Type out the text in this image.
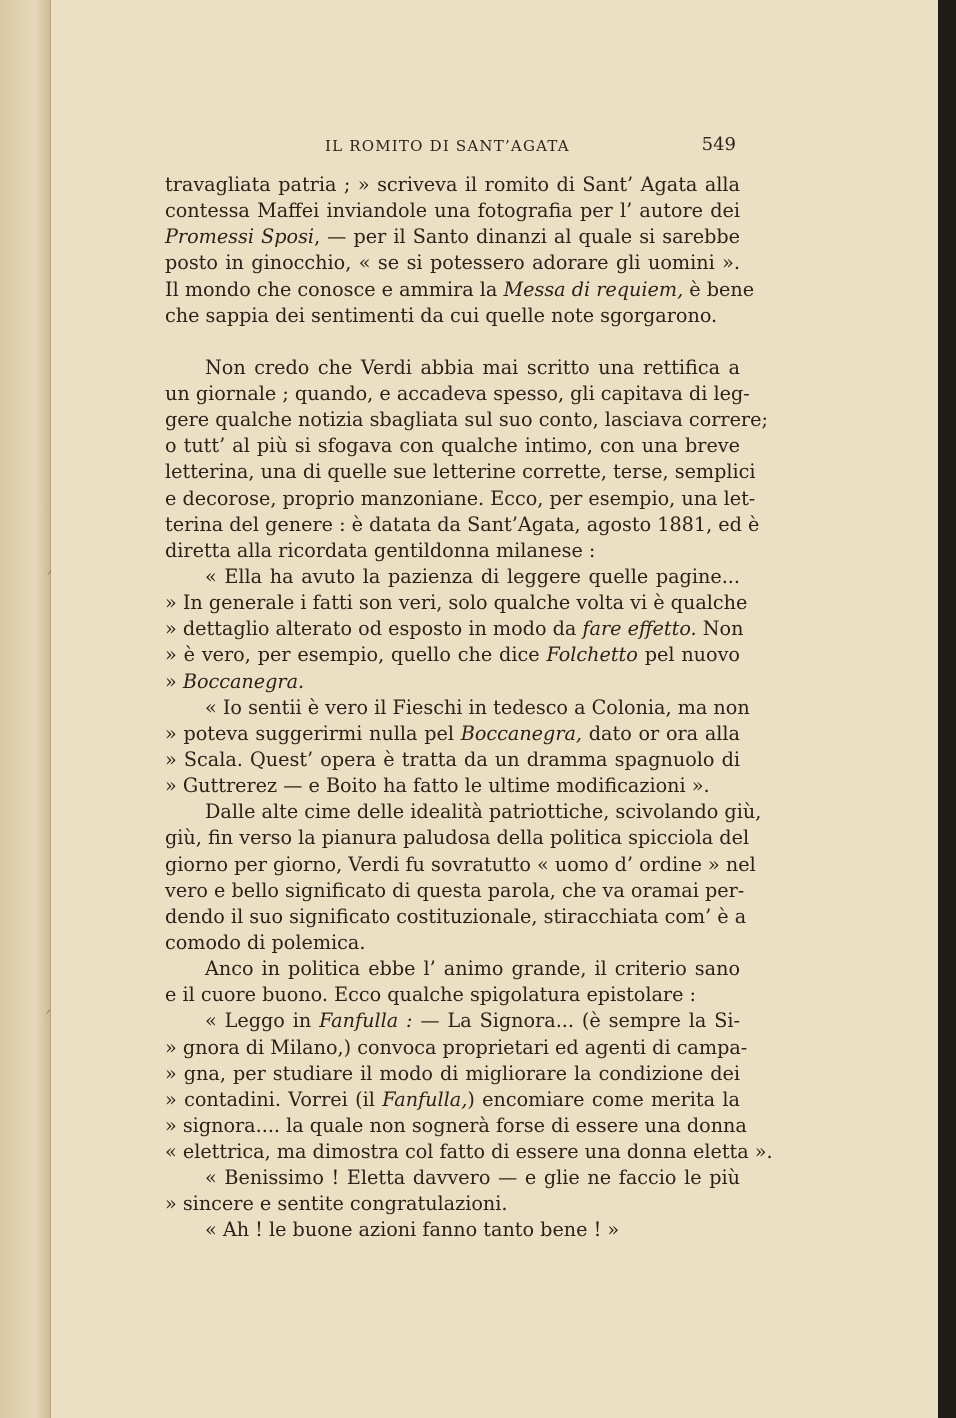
IL ROMITO DI SANT’AGATA	549
travagliata patria ; » scriveva il romito di Sant’ Agata alla
contessa Maffei inviandole una fotografia per l’ autore dei
Promessi Sposi, — per il Santo dinanzi al quale si sarebbe
posto in ginocchio, « se si potessero adorare gli uomini ».
Il mondo che conosce e ammira la Messa di requiem, è bene
che sappia dei sentimenti da cui quelle note sgorgarono.
Non credo che Verdi abbia mai scritto una rettifica a
un giornale ; quando, e accadeva spesso, gli capitava di leg-
gere qualche notizia sbagliata sul suo conto, lasciava correre;
o tutt’ al più si sfogava con qualche intimo, con una breve
letterina, una di quelle sue letterine corrette, terse, semplici
e decorose, proprio manzoniane. Ecco, per esempio, una let-
terina del genere : è datata da Sant’Agata, agosto 1881, ed è
diretta alla ricordata gentildonna milanese :
« Ella ha avuto la pazienza di leggere quelle pagine...
» In generale i fatti son veri, solo qualche volta vi è qualche
» dettaglio alterato od esposto in modo da fare effetto. Non
» è vero, per esempio, quello che dice Folchetto pel nuovo
» Boccanegra.
« Io sentii è vero il Fieschi in tedesco a Colonia, ma non
» poteva suggerirmi nulla pel Boccanegra, dato or ora alla
» Scala. Quest’ opera è tratta da un dramma spagnuolo di
» Guttrerez — e Boito ha fatto le ultime modificazioni ».
Dalle alte cime delle idealità patriottiche, scivolando giù,
giù, fin verso la pianura paludosa della politica spicciola del
giorno per giorno, Verdi fu sovratutto « uomo d’ ordine » nel
vero e bello significato di questa parola, che va oramai per-
dendo il suo significato costituzionale, stiracchiata com’ è a
comodo di polemica.
Anco in politica ebbe l’ animo grande, il criterio sano
e il cuore buono. Ecco qualche spigolatura epistolare :
« Leggo in Fanfulla : — La Signora... (è sempre la Si-
» gnora di Milano,) convoca proprietari ed agenti di campa-
» gna, per studiare il modo di migliorare la condizione dei
» contadini. Vorrei (il Fanfulla,) encomiare come merita la
» signora.... la quale non sognerà forse di essere una donna
« elettrica, ma dimostra col fatto di essere una donna eletta ».
« Benissimo ! Eletta davvero — e glie ne faccio le più
» sincere e sentite congratulazioni.
« Ah ! le buone azioni fanno tanto bene ! »
ᐟ
ᐟ
